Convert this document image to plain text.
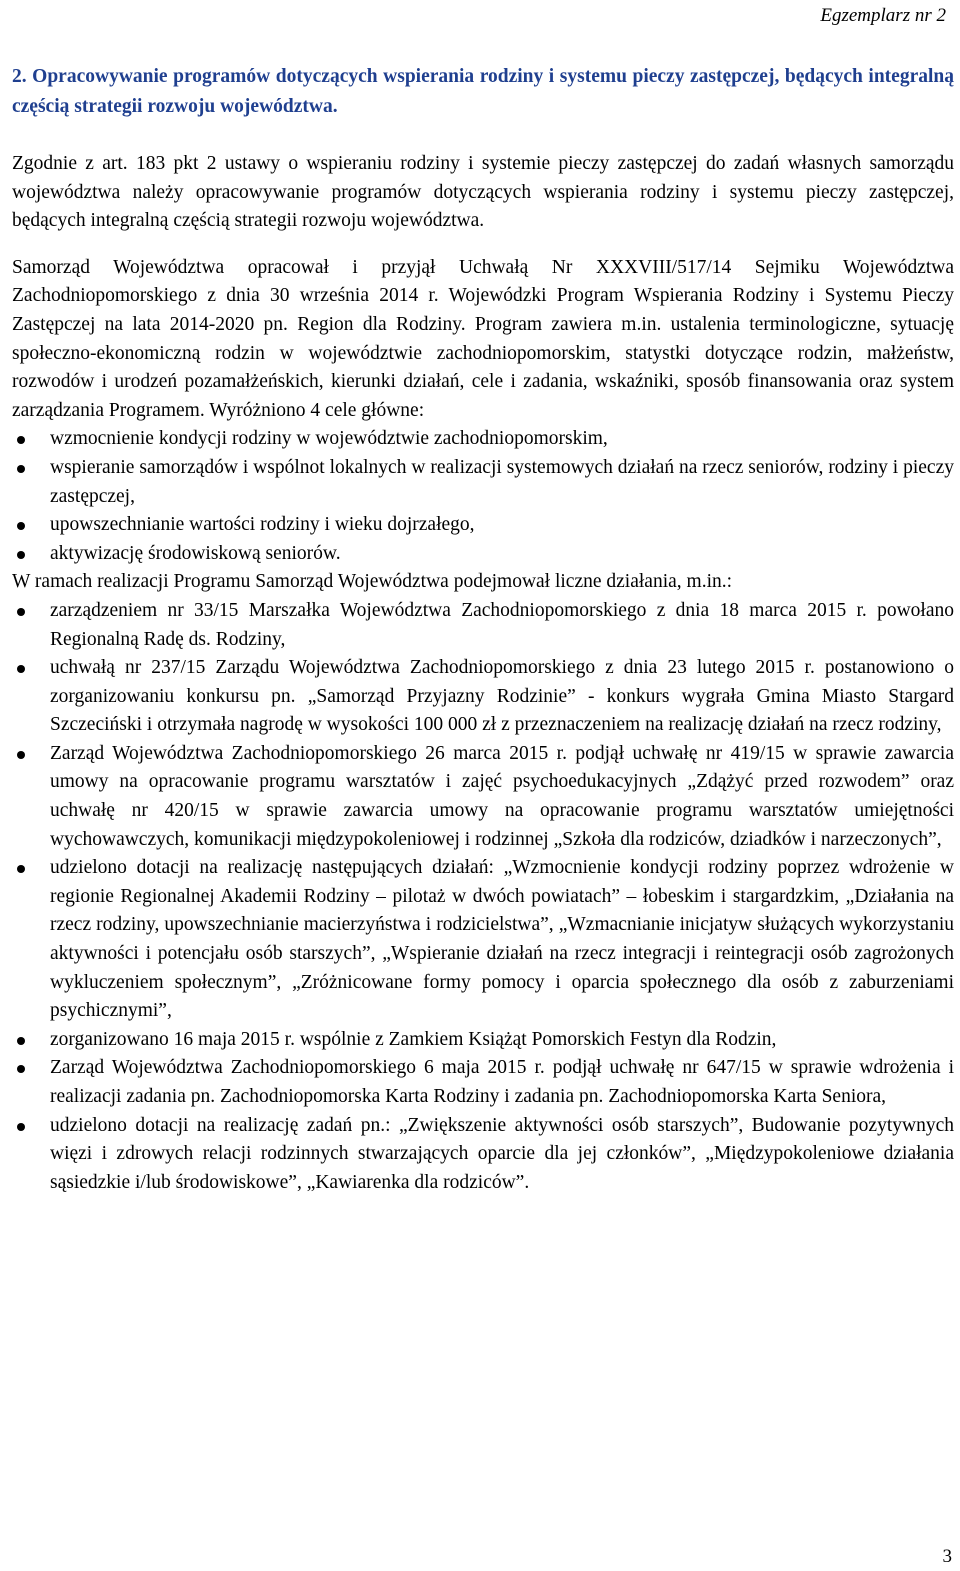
Egzemplarz nr 2
2. Opracowywanie programów dotyczących wspierania rodziny i systemu pieczy zastępczej, będących integralną częścią strategii rozwoju województwa.

Zgodnie z art. 183 pkt 2 ustawy o wspieraniu rodziny i systemie pieczy zastępczej do zadań własnych samorządu województwa należy opracowywanie programów dotyczących wspierania rodziny i systemu pieczy zastępczej, będących integralną częścią strategii rozwoju województwa.

Samorząd Województwa opracował i przyjął Uchwałą Nr XXXVIII/517/14 Sejmiku Województwa Zachodniopomorskiego z dnia 30 września 2014 r. Wojewódzki Program Wspierania Rodziny i Systemu Pieczy Zastępczej na lata 2014-2020 pn. Region dla Rodziny. Program zawiera m.in. ustalenia terminologiczne, sytuację społeczno-ekonomiczną rodzin w województwie zachodniopomorskim, statystki dotyczące rodzin, małżeństw, rozwodów i urodzeń pozamałżeńskich, kierunki działań, cele i zadania, wskaźniki, sposób finansowania oraz system zarządzania Programem. Wyróżniono 4 cele główne:

wzmocnienie kondycji rodziny w województwie zachodniopomorskim,
wspieranie samorządów i wspólnot lokalnych w realizacji systemowych działań na rzecz seniorów, rodziny i pieczy zastępczej,
upowszechnianie wartości rodziny i wieku dojrzałego,
aktywizację środowiskową seniorów.

W ramach realizacji Programu Samorząd Województwa podejmował liczne działania, m.in.:

zarządzeniem nr 33/15 Marszałka Województwa Zachodniopomorskiego z dnia 18 marca 2015 r. powołano Regionalną Radę ds. Rodziny,
uchwałą nr 237/15 Zarządu Województwa Zachodniopomorskiego z dnia 23 lutego 2015 r. postanowiono o zorganizowaniu konkursu pn. „Samorząd Przyjazny Rodzinie” - konkurs wygrała Gmina Miasto Stargard Szczeciński i otrzymała nagrodę w wysokości 100 000 zł z przeznaczeniem na realizację działań na rzecz rodziny,
Zarząd Województwa Zachodniopomorskiego 26 marca 2015 r. podjął uchwałę nr 419/15 w sprawie zawarcia umowy na opracowanie programu warsztatów i zajęć psychoedukacyjnych „Zdążyć przed rozwodem” oraz uchwałę nr 420/15 w sprawie zawarcia umowy na opracowanie programu warsztatów umiejętności wychowawczych, komunikacji międzypokoleniowej i rodzinnej „Szkoła dla rodziców, dziadków i narzeczonych”,
udzielono dotacji na realizację następujących działań: „Wzmocnienie kondycji rodziny poprzez wdrożenie w regionie Regionalnej Akademii Rodziny – pilotaż w dwóch powiatach” – łobeskim i stargardzkim, „Działania na rzecz rodziny, upowszechnianie macierzyństwa i rodzicielstwa”, „Wzmacnianie inicjatyw służących wykorzystaniu aktywności i potencjału osób starszych”, „Wspieranie działań na rzecz integracji i reintegracji osób zagrożonych wykluczeniem społecznym”, „Zróżnicowane formy pomocy i oparcia społecznego dla osób z zaburzeniami psychicznymi”,
zorganizowano 16 maja 2015 r. wspólnie z Zamkiem Książąt Pomorskich Festyn dla Rodzin,
Zarząd Województwa Zachodniopomorskiego 6 maja 2015 r. podjął uchwałę nr 647/15 w sprawie wdrożenia i realizacji zadania pn. Zachodniopomorska Karta Rodziny i zadania pn. Zachodniopomorska Karta Seniora,
udzielono dotacji na realizację zadań pn.: „Zwiększenie aktywności osób starszych”, Budowanie pozytywnych więzi i zdrowych relacji rodzinnych stwarzających oparcie dla jej członków”, „Międzypokoleniowe działania sąsiedzkie i/lub środowiskowe”, „Kawiarenka dla rodziców”.
3
